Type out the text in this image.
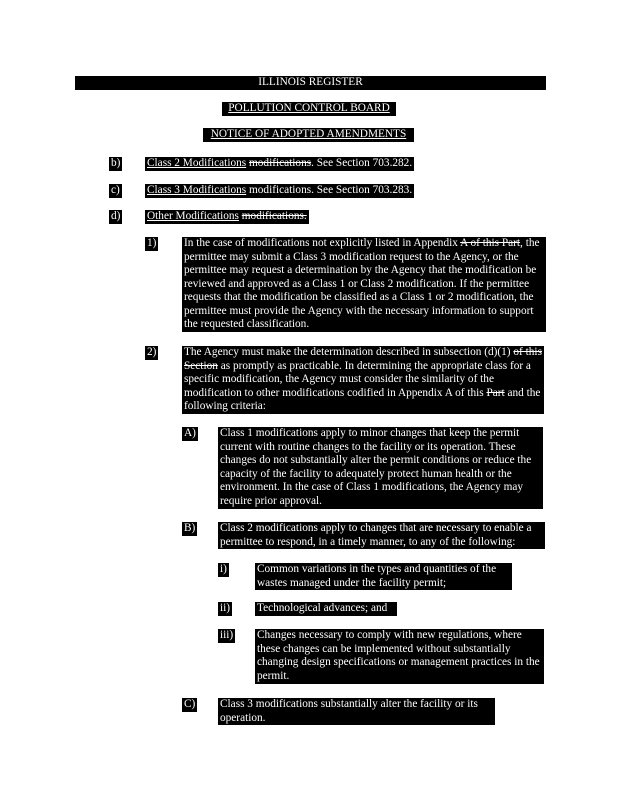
ILLINOIS REGISTER
POLLUTION CONTROL BOARD
NOTICE OF ADOPTED AMENDMENTS
b) Class 2 Modifications modifications. See Section 703.282.
c) Class 3 Modifications modifications. See Section 703.283.
d) Other Modifications modifications.
1) In the case of modifications not explicitly listed in Appendix A of this Part, the permittee may submit a Class 3 modification request to the Agency, or the permittee may request a determination by the Agency that the modification be reviewed and approved as a Class 1 or Class 2 modification. If the permittee requests that the modification be classified as a Class 1 or 2 modification, the permittee must provide the Agency with the necessary information to support the requested classification.
2) The Agency must make the determination described in subsection (d)(1) of this Section as promptly as practicable. In determining the appropriate class for a specific modification, the Agency must consider the similarity of the modification to other modifications codified in Appendix A of this Part and the following criteria:
A) Class 1 modifications apply to minor changes that keep the permit current with routine changes to the facility or its operation. These changes do not substantially alter the permit conditions or reduce the capacity of the facility to adequately protect human health or the environment. In the case of Class 1 modifications, the Agency may require prior approval.
B) Class 2 modifications apply to changes that are necessary to enable a permittee to respond, in a timely manner, to any of the following:
i)	Common variations in the types and quantities of the wastes managed under the facility permit;
ii) Technological advances; and
iii) Changes necessary to comply with new regulations, where these changes can be implemented without substantially changing design specifications or management practices in the permit.
C) Class 3 modifications substantially alter the facility or its operation.
